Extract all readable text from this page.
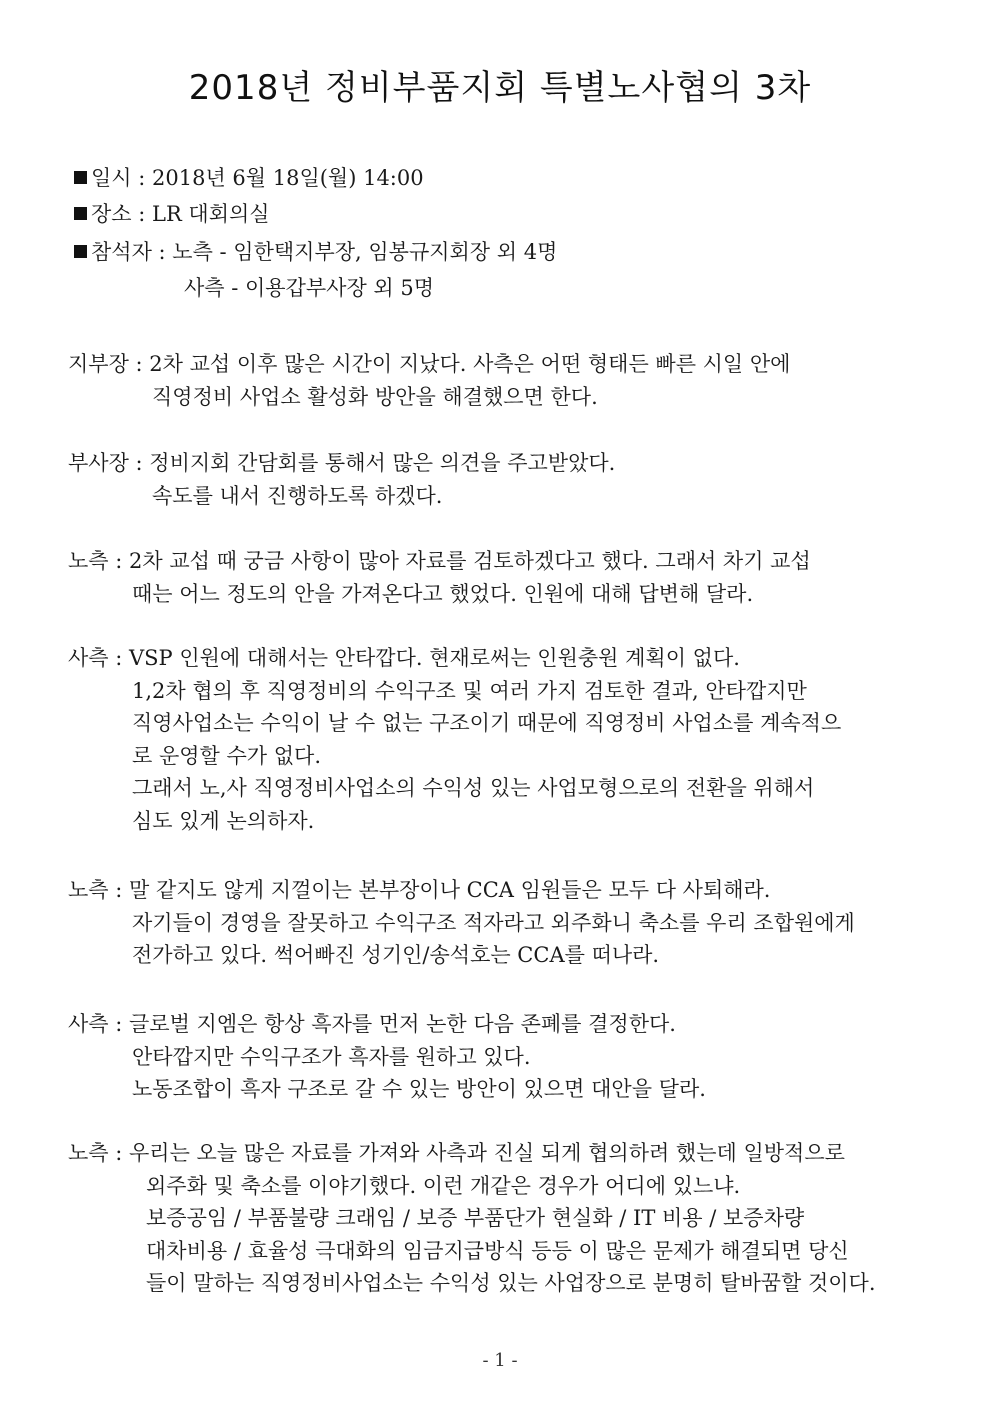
2018년 정비부품지회 특별노사협의 3차
일시 : 2018년 6월 18일(월) 14:00
장소 : LR 대회의실
참석자 : 노측 - 임한택지부장, 임봉규지회장 외 4명
사측 - 이용갑부사장 외 5명
지부장 : 2차 교섭 이후 많은 시간이 지났다. 사측은 어떤 형태든 빠른 시일 안에
직영정비 사업소 활성화 방안을 해결했으면 한다.
부사장 : 정비지회 간담회를 통해서 많은 의견을 주고받았다.
속도를 내서 진행하도록 하겠다.
노측 : 2차 교섭 때 궁금 사항이 많아 자료를 검토하겠다고 했다. 그래서 차기 교섭
때는 어느 정도의 안을 가져온다고 했었다. 인원에 대해 답변해 달라.
사측 : VSP 인원에 대해서는 안타깝다. 현재로써는 인원충원 계획이 없다.
1,2차 협의 후 직영정비의 수익구조 및 여러 가지 검토한 결과, 안타깝지만
직영사업소는 수익이 날 수 없는 구조이기 때문에 직영정비 사업소를 계속적으
로 운영할 수가 없다.
그래서 노,사 직영정비사업소의 수익성 있는 사업모형으로의 전환을 위해서
심도 있게 논의하자.
노측 : 말 같지도 않게 지껄이는 본부장이나 CCA 임원들은 모두 다 사퇴해라.
자기들이 경영을 잘못하고 수익구조 적자라고 외주화니 축소를 우리 조합원에게
전가하고 있다. 썩어빠진 성기인/송석호는 CCA를 떠나라.
사측 : 글로벌 지엠은 항상 흑자를 먼저 논한 다음 존폐를 결정한다.
안타깝지만 수익구조가 흑자를 원하고 있다.
노동조합이 흑자 구조로 갈 수 있는 방안이 있으면 대안을 달라.
노측 : 우리는 오늘 많은 자료를 가져와 사측과 진실 되게 협의하려 했는데 일방적으로
외주화 및 축소를 이야기했다. 이런 개같은 경우가 어디에 있느냐.
보증공임 / 부품불량 크래임 / 보증 부품단가 현실화 / IT 비용 / 보증차량
대차비용 / 효율성 극대화의 임금지급방식 등등 이 많은 문제가 해결되면 당신
들이 말하는 직영정비사업소는 수익성 있는 사업장으로 분명히 탈바꿈할 것이다.
- 1 -
